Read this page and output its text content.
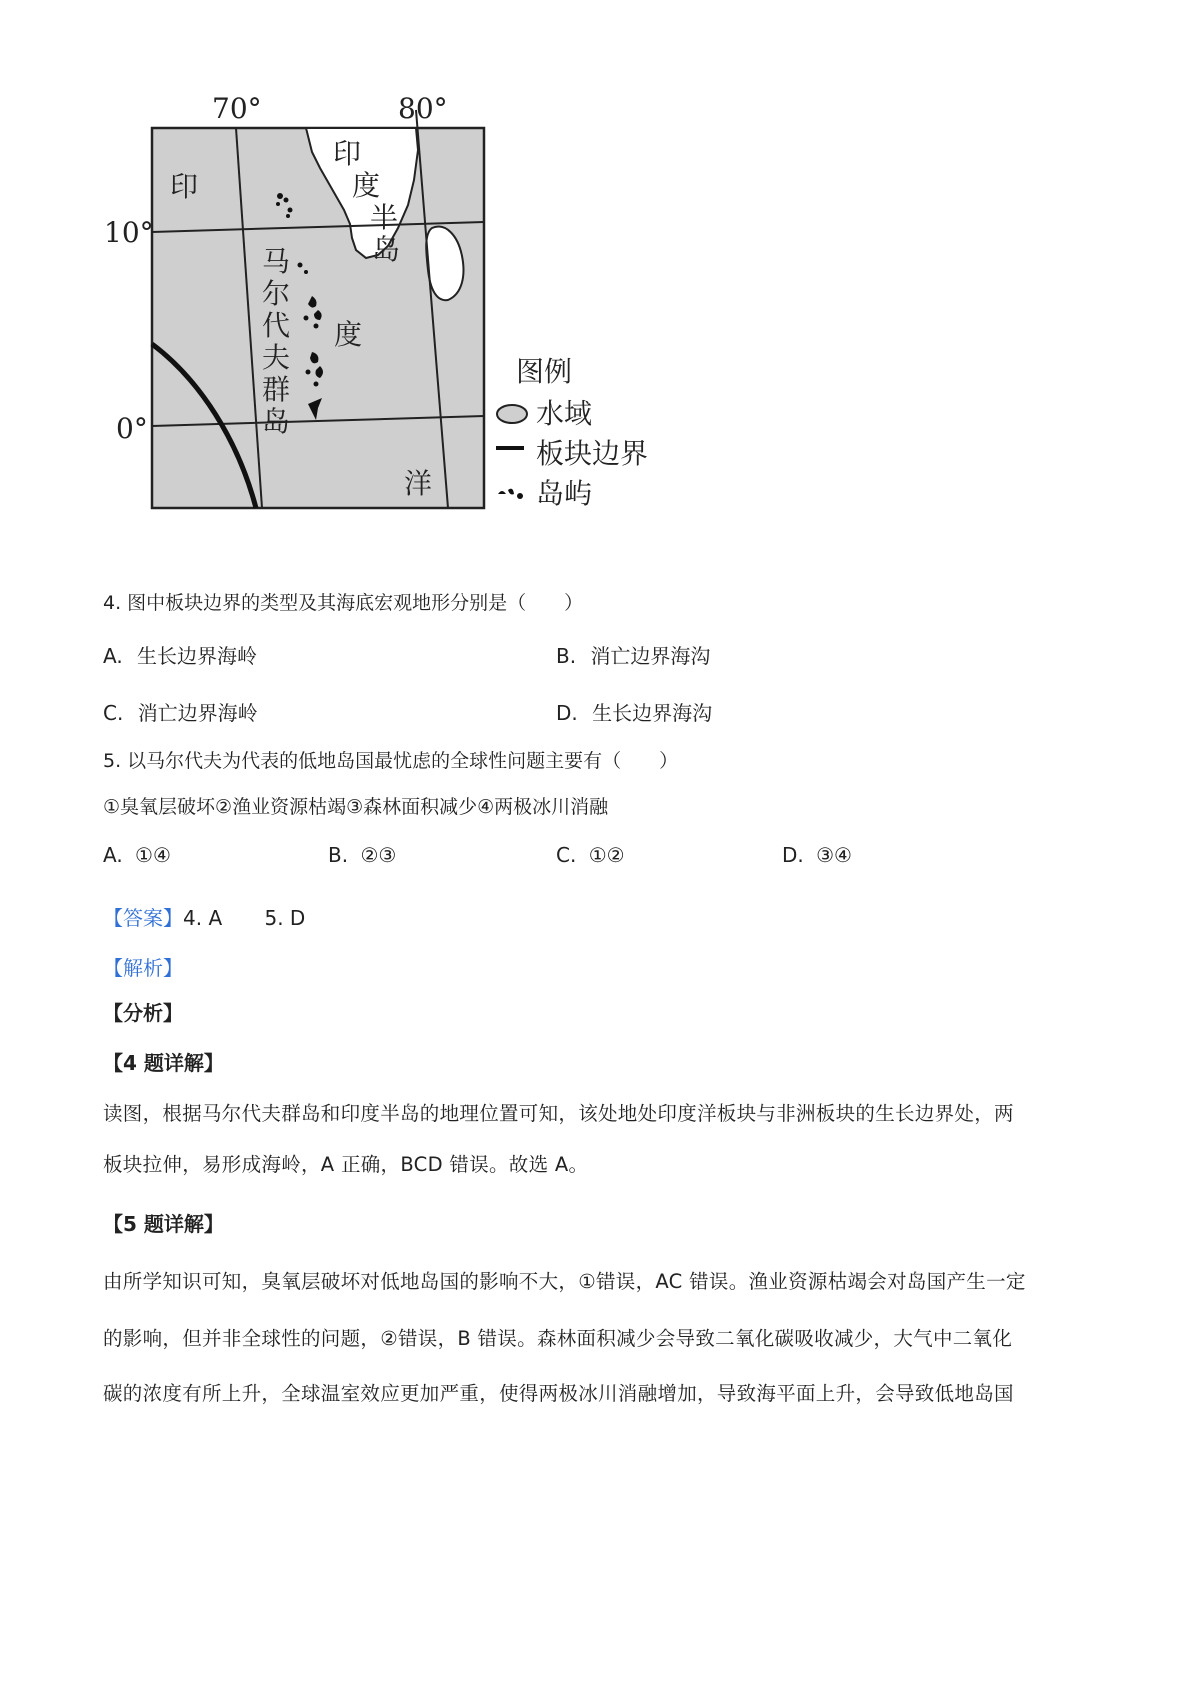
70°	80°
10°
0°
印
度
洋
印
度
半
岛
马
尔
代
夫
群
岛
图例
水域
板块边界
岛屿
4. 图中板块边界的类型及其海底宏观地形分别是（　　）
A. 生长边界海岭	B. 消亡边界海沟
C. 消亡边界海岭	D. 生长边界海沟
5. 以马尔代夫为代表的低地岛国最忧虑的全球性问题主要有（　　）
①臭氧层破坏②渔业资源枯竭③森林面积减少④两极冰川消融
A. ①④	B. ②③	C. ①②	D. ③④
【答案】4. A 5. D
【解析】
【分析】
【4 题详解】
读图，根据马尔代夫群岛和印度半岛的地理位置可知，该处地处印度洋板块与非洲板块的生长边界处，两
板块拉伸，易形成海岭，A 正确，BCD 错误。故选 A。
【5 题详解】
由所学知识可知，臭氧层破坏对低地岛国的影响不大，①错误，AC 错误。渔业资源枯竭会对岛国产生一定
的影响，但并非全球性的问题，②错误，B 错误。森林面积减少会导致二氧化碳吸收减少，大气中二氧化
碳的浓度有所上升，全球温室效应更加严重，使得两极冰川消融增加，导致海平面上升，会导致低地岛国
